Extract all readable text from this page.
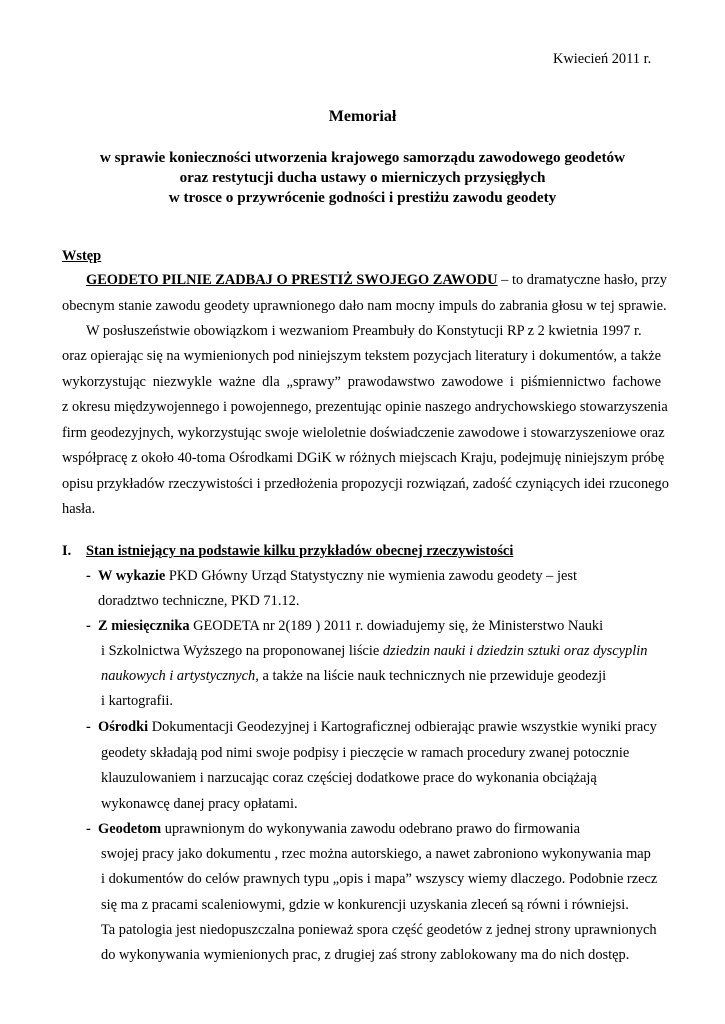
Kwiecień 2011 r.
Memoriał
w sprawie konieczności utworzenia krajowego samorządu zawodowego geodetów
oraz restytucji ducha ustawy o mierniczych przysięgłych
w trosce o przywrócenie godności i prestiżu zawodu geodety
Wstęp
GEODETO PILNIE ZADBAJ O PRESTIŻ SWOJEGO ZAWODU – to dramatyczne hasło, przy
obecnym stanie zawodu geodety uprawnionego dało nam mocny impuls do zabrania głosu w tej sprawie.
W posłuszeństwie obowiązkom i wezwaniom Preambuły do Konstytucji RP z 2 kwietnia 1997 r.
oraz opierając się na wymienionych pod niniejszym tekstem pozycjach literatury i dokumentów, a także
wykorzystując niezwykle ważne dla „sprawy” prawodawstwo zawodowe i piśmiennictwo fachowe
z okresu międzywojennego i powojennego, prezentując opinie naszego andrychowskiego stowarzyszenia
firm geodezyjnych, wykorzystując swoje wieloletnie doświadczenie zawodowe i stowarzyszeniowe oraz
współpracę z około 40-toma Ośrodkami DGiK w różnych miejscach Kraju, podejmuję niniejszym próbę
opisu przykładów rzeczywistości i przedłożenia propozycji rozwiązań, zadość czyniących idei rzuconego
hasła.
I. Stan istniejący na podstawie kilku przykładów obecnej rzeczywistości
- W wykazie PKD Główny Urząd Statystyczny nie wymienia zawodu geodety – jest
doradztwo techniczne, PKD 71.12.
- Z miesięcznika GEODETA nr 2(189 ) 2011 r. dowiadujemy się, że Ministerstwo Nauki
i Szkolnictwa Wyższego na proponowanej liście dziedzin nauki i dziedzin sztuki oraz dyscyplin
naukowych i artystycznych, a także na liście nauk technicznych nie przewiduje geodezji
i kartografii.
- Ośrodki Dokumentacji Geodezyjnej i Kartograficznej odbierając prawie wszystkie wyniki pracy
geodety składają pod nimi swoje podpisy i pieczęcie w ramach procedury zwanej potocznie
klauzulowaniem i narzucając coraz częściej dodatkowe prace do wykonania obciążają
wykonawcę danej pracy opłatami.
- Geodetom uprawnionym do wykonywania zawodu odebrano prawo do firmowania
swojej pracy jako dokumentu , rzec można autorskiego, a nawet zabroniono wykonywania map
i dokumentów do celów prawnych typu „opis i mapa” wszyscy wiemy dlaczego. Podobnie rzecz
się ma z pracami scaleniowymi, gdzie w konkurencji uzyskania zleceń są równi i równiejsi.
Ta patologia jest niedopuszczalna ponieważ spora część geodetów z jednej strony uprawnionych
do wykonywania wymienionych prac, z drugiej zaś strony zablokowany ma do nich dostęp.
